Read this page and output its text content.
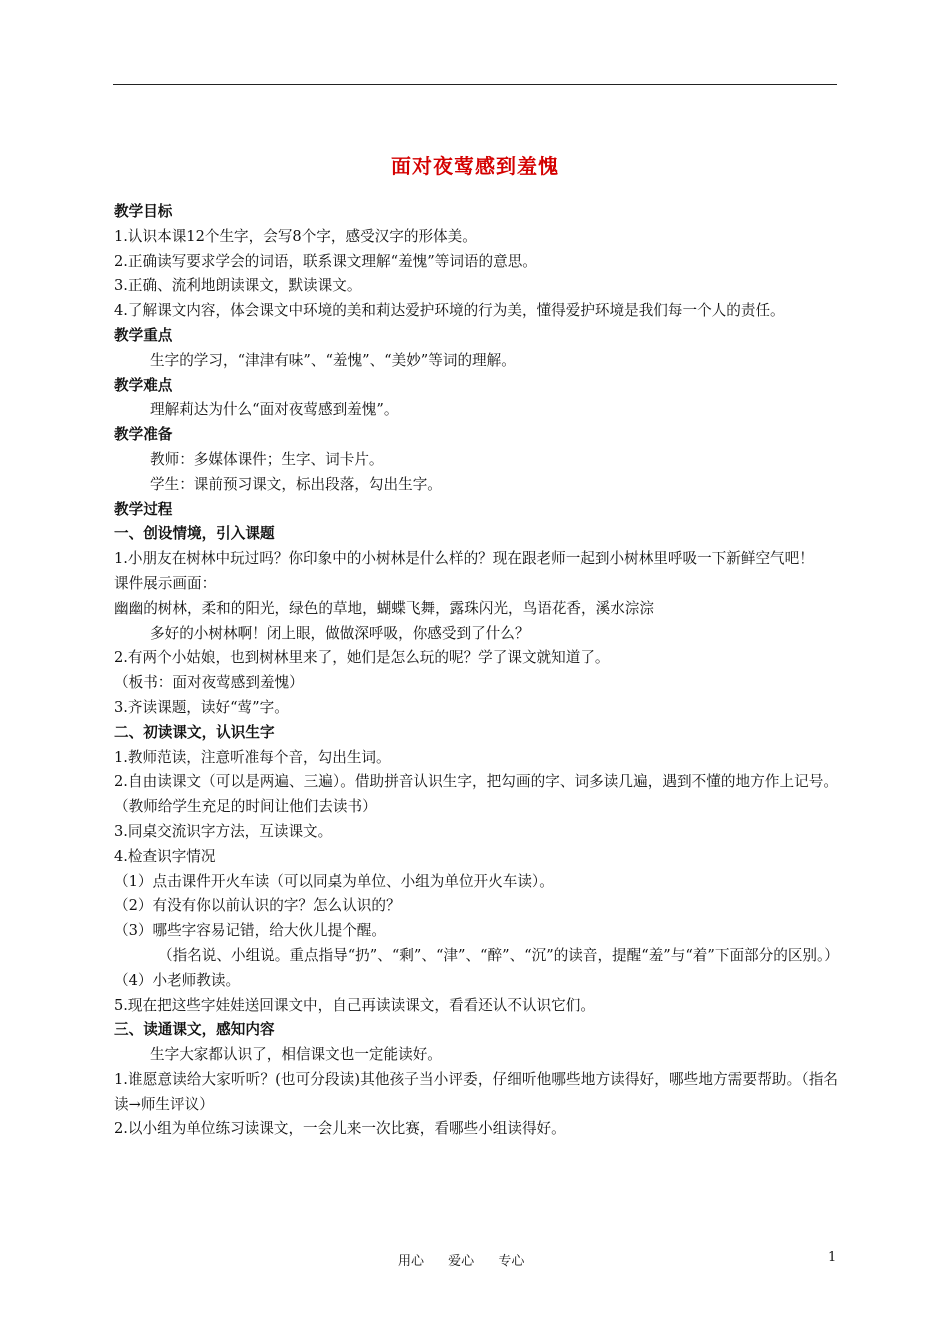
面对夜莺感到羞愧
教学目标
1.认识本课12个生字，会写8个字，感受汉字的形体美。
2.正确读写要求学会的词语，联系课文理解“羞愧”等词语的意思。
3.正确、流利地朗读课文，默读课文。
4.了解课文内容，体会课文中环境的美和莉达爱护环境的行为美，懂得爱护环境是我们每一个人的责任。
教学重点
生字的学习，“津津有味”、“羞愧”、“美妙”等词的理解。
教学难点
理解莉达为什么“面对夜莺感到羞愧”。
教学准备
教师：多媒体课件；生字、词卡片。
学生：课前预习课文，标出段落，勾出生字。
教学过程
一、创设情境，引入课题
1.小朋友在树林中玩过吗？你印象中的小树林是什么样的？现在跟老师一起到小树林里呼吸一下新鲜空气吧！
课件展示画面：
幽幽的树林，柔和的阳光，绿色的草地，蝴蝶飞舞，露珠闪光，鸟语花香，溪水淙淙
多好的小树林啊！闭上眼，做做深呼吸，你感受到了什么？
2.有两个小姑娘，也到树林里来了，她们是怎么玩的呢？学了课文就知道了。
（板书：面对夜莺感到羞愧）
3.齐读课题，读好“莺”字。
二、初读课文，认识生字
1.教师范读，注意听准每个音，勾出生词。
2.自由读课文（可以是两遍、三遍）。借助拼音认识生字，把勾画的字、词多读几遍，遇到不懂的地方作上记号。（教师给学生充足的时间让他们去读书）
3.同桌交流识字方法，互读课文。
4.检查识字情况
（1）点击课件开火车读（可以同桌为单位、小组为单位开火车读）。
（2）有没有你以前认识的字？怎么认识的？
（3）哪些字容易记错，给大伙儿提个醒。
（指名说、小组说。重点指导“扔”、“剩”、“津”、“醉”、“沉”的读音，提醒“羞”与“着”下面部分的区别。）
（4）小老师教读。
5.现在把这些字娃娃送回课文中，自己再读读课文，看看还认不认识它们。
三、读通课文，感知内容
生字大家都认识了，相信课文也一定能读好。
1.谁愿意读给大家听听？(也可分段读)其他孩子当小评委，仔细听他哪些地方读得好，哪些地方需要帮助。（指名读→师生评议）
2.以小组为单位练习读课文，一会儿来一次比赛，看哪些小组读得好。
用心 爱心 专心	1
